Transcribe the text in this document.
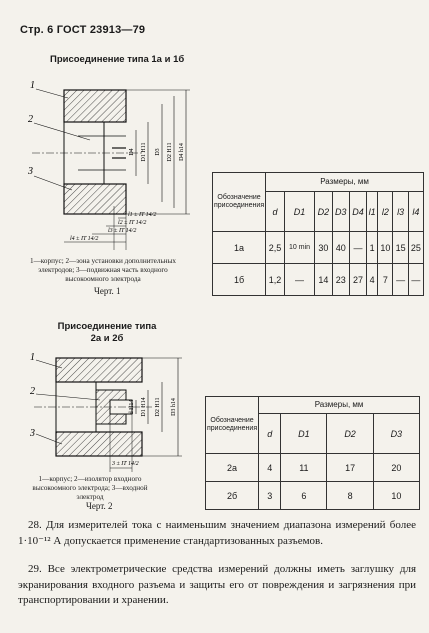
Стр. 6 ГОСТ 23913—79
Присоединение типа 1а и 1б
1
2
3
D4 D1 H11 D3 D2 H11 D4 h14
l1 ± IT 14/2
l2 ± IT 14/2
l3 ± IT 14/2
l4 ± IT 14/2
1—корпус; 2—зона установки дополнительных электродов; 3—подвижная часть входного высокоомного электрода
Черт. 1
Обозначение присоединения	Размеры, мм								
	d	D1	D2	D3	D4	l1	l2	l3	l4
1а	2,5	10 min	30	40	—	1	10	15	25
1б	1,2	—	14	23	27	4	7	—	—
Присоединение типа 2а и 2б
1
2
3
d H14 D1 H14 D2 H11 D3 h14
3 ± IT 14/2
1—корпус; 2—изолятор входного высокоомного электрода; 3—входной электрод
Черт. 2
Обозначение присоединения	Размеры, мм			
	d	D1	D2	D3
2а	4	11	17	20
2б	3	6	8	10
28. Для измерителей тока с наименьшим значением диапазона измерений более 1·10⁻¹² А допускается применение стандартизованных разъемов.
29. Все электрометрические средства измерений должны иметь заглушку для экранирования входного разъема и защиты его от повреждения и загрязнения при транспортировании и хранении.
